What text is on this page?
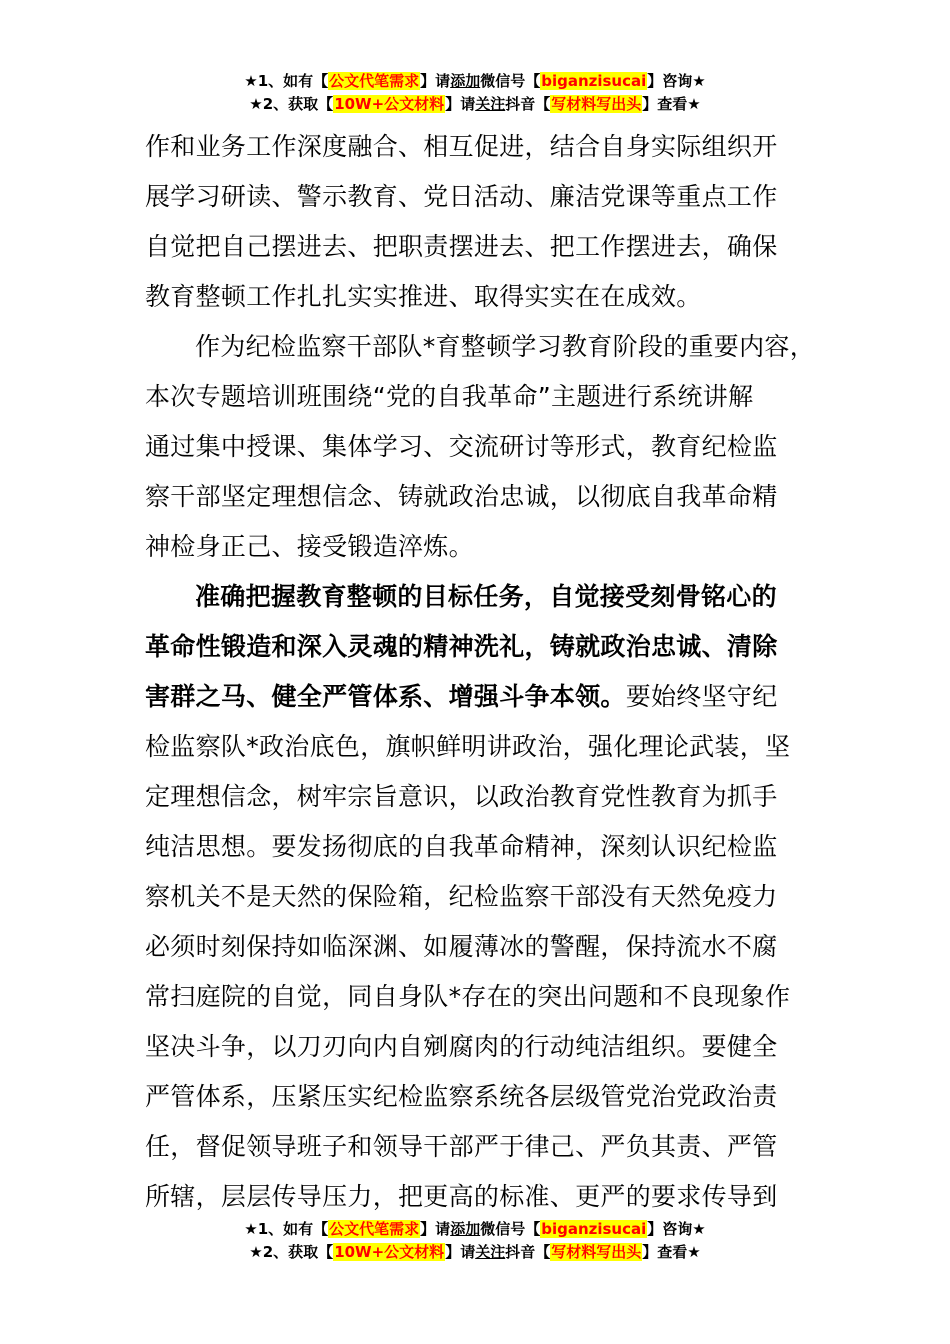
★1、如有【公文代笔需求】请添加微信号【biganzisucai】咨询★
★2、获取【10W+公文材料】请关注抖音【写材料写出头】查看★
作和业务工作深度融合、相互促进，结合自身实际组织开
展学习研读、警示教育、党日活动、廉洁党课等重点工作
自觉把自己摆进去、把职责摆进去、把工作摆进去，确保
教育整顿工作扎扎实实推进、取得实实在在成效。
作为纪检监察干部队*育整顿学习教育阶段的重要内容，
本次专题培训班围绕“党的自我革命”主题进行系统讲解
通过集中授课、集体学习、交流研讨等形式，教育纪检监
察干部坚定理想信念、铸就政治忠诚，以彻底自我革命精
神检身正己、接受锻造淬炼。
准确把握教育整顿的目标任务，自觉接受刻骨铭心的
革命性锻造和深入灵魂的精神洗礼，铸就政治忠诚、清除
害群之马、健全严管体系、增强斗争本领。要始终坚守纪
检监察队*政治底色，旗帜鲜明讲政治，强化理论武装，坚
定理想信念，树牢宗旨意识，以政治教育党性教育为抓手
纯洁思想。要发扬彻底的自我革命精神，深刻认识纪检监
察机关不是天然的保险箱，纪检监察干部没有天然免疫力
必须时刻保持如临深渊、如履薄冰的警醒，保持流水不腐
常扫庭院的自觉，同自身队*存在的突出问题和不良现象作
坚决斗争，以刀刃向内自剜腐肉的行动纯洁组织。要健全
严管体系，压紧压实纪检监察系统各层级管党治党政治责
任，督促领导班子和领导干部严于律己、严负其责、严管
所辖，层层传导压力，把更高的标准、更严的要求传导到
★1、如有【公文代笔需求】请添加微信号【biganzisucai】咨询★
★2、获取【10W+公文材料】请关注抖音【写材料写出头】查看★
